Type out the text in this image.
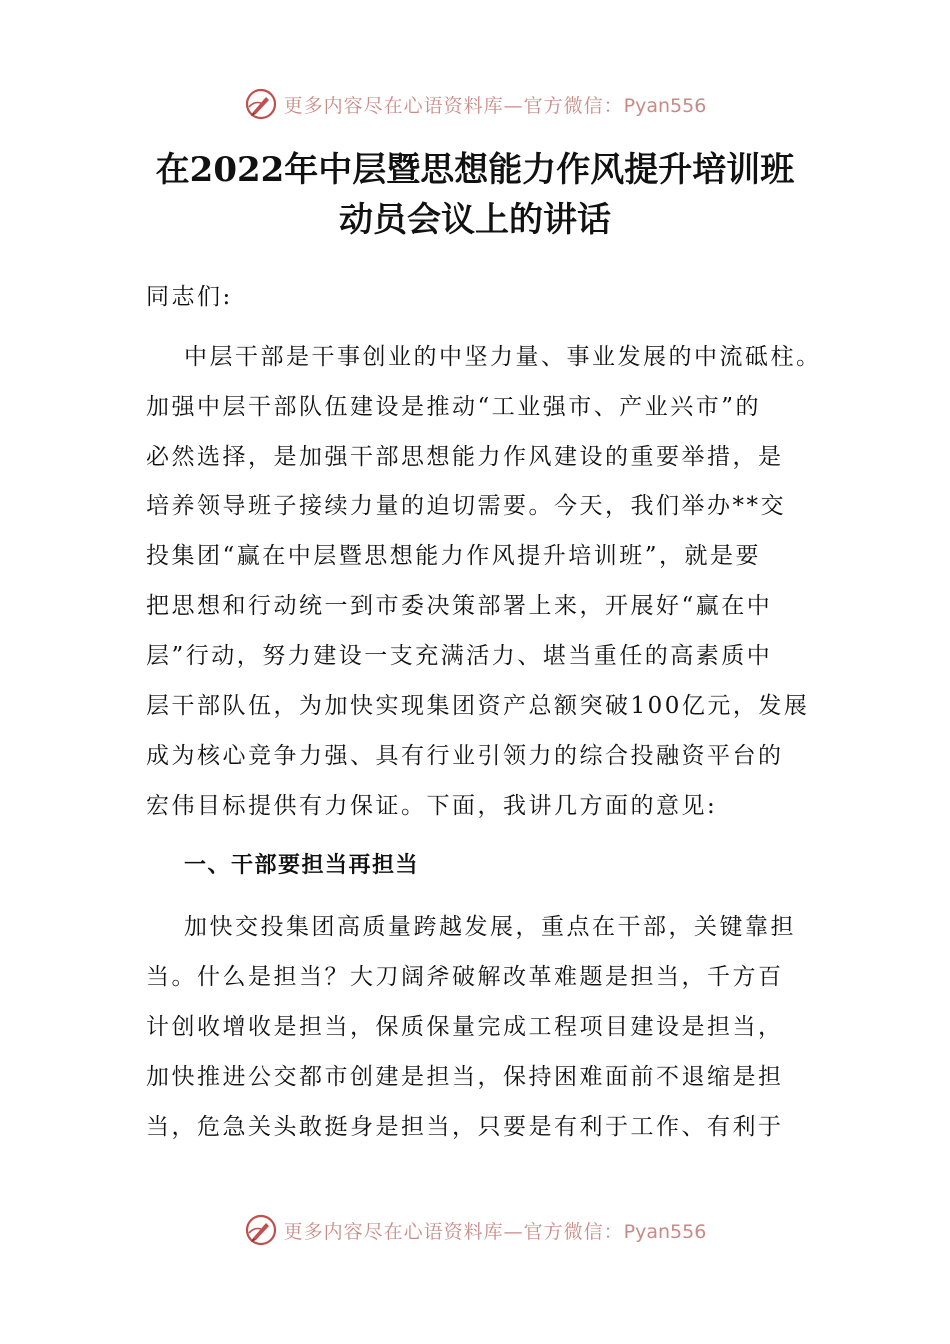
更多内容尽在心语资料库—官方微信：Pyan556
在2022年中层暨思想能力作风提升培训班
动员会议上的讲话
同志们:
中层干部是干事创业的中坚力量、事业发展的中流砥柱。
加强中层干部队伍建设是推动“工业强市、产业兴市”的
必然选择，是加强干部思想能力作风建设的重要举措，是
培养领导班子接续力量的迫切需要。今天，我们举办**交
投集团“赢在中层暨思想能力作风提升培训班”，就是要
把思想和行动统一到市委决策部署上来，开展好“赢在中
层”行动，努力建设一支充满活力、堪当重任的高素质中
层干部队伍，为加快实现集团资产总额突破100亿元，发展
成为核心竞争力强、具有行业引领力的综合投融资平台的
宏伟目标提供有力保证。下面，我讲几方面的意见:
一、干部要担当再担当
加快交投集团高质量跨越发展，重点在干部，关键靠担
当。什么是担当？大刀阔斧破解改革难题是担当，千方百
计创收增收是担当，保质保量完成工程项目建设是担当，
加快推进公交都市创建是担当，保持困难面前不退缩是担
当，危急关头敢挺身是担当，只要是有利于工作、有利于
更多内容尽在心语资料库—官方微信：Pyan556
